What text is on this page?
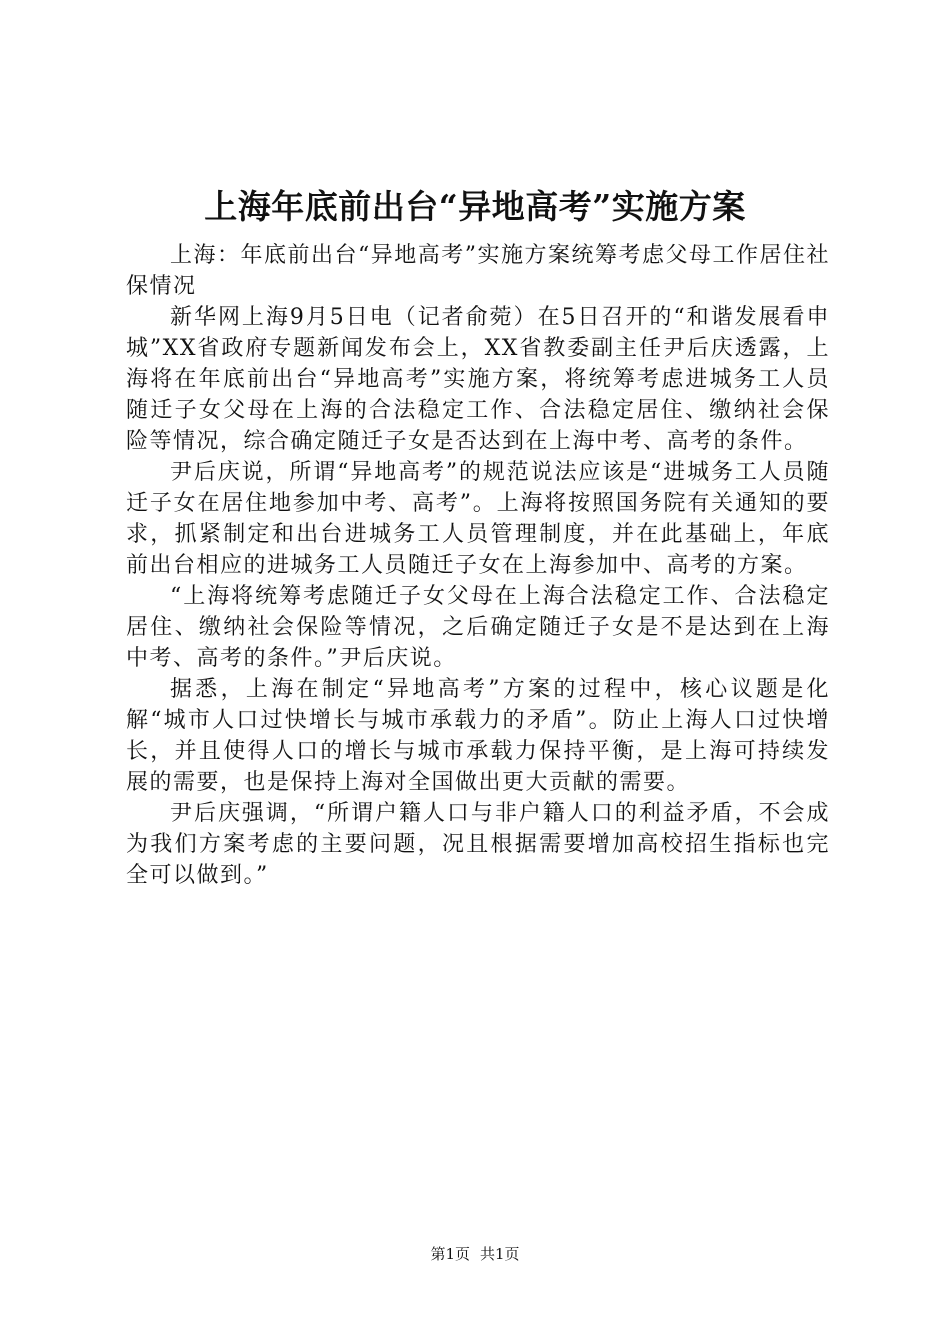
上海年底前出台“异地高考”实施方案

上海：年底前出台“异地高考”实施方案统筹考虑父母工作居住社保情况

新华网上海9月5日电（记者俞菀）在5日召开的“和谐发展看申城”XX省政府专题新闻发布会上，XX省教委副主任尹后庆透露，上海将在年底前出台“异地高考”实施方案，将统筹考虑进城务工人员随迁子女父母在上海的合法稳定工作、合法稳定居住、缴纳社会保险等情况，综合确定随迁子女是否达到在上海中考、高考的条件。

尹后庆说，所谓“异地高考”的规范说法应该是“进城务工人员随迁子女在居住地参加中考、高考”。上海将按照国务院有关通知的要求，抓紧制定和出台进城务工人员管理制度，并在此基础上，年底前出台相应的进城务工人员随迁子女在上海参加中、高考的方案。

“上海将统筹考虑随迁子女父母在上海合法稳定工作、合法稳定居住、缴纳社会保险等情况，之后确定随迁子女是不是达到在上海中考、高考的条件。”尹后庆说。

据悉，上海在制定“异地高考”方案的过程中，核心议题是化解“城市人口过快增长与城市承载力的矛盾”。防止上海人口过快增长，并且使得人口的增长与城市承载力保持平衡，是上海可持续发展的需要，也是保持上海对全国做出更大贡献的需要。

尹后庆强调，“所谓户籍人口与非户籍人口的利益矛盾，不会成为我们方案考虑的主要问题，况且根据需要增加高校招生指标也完全可以做到。”

第1页 共1页
